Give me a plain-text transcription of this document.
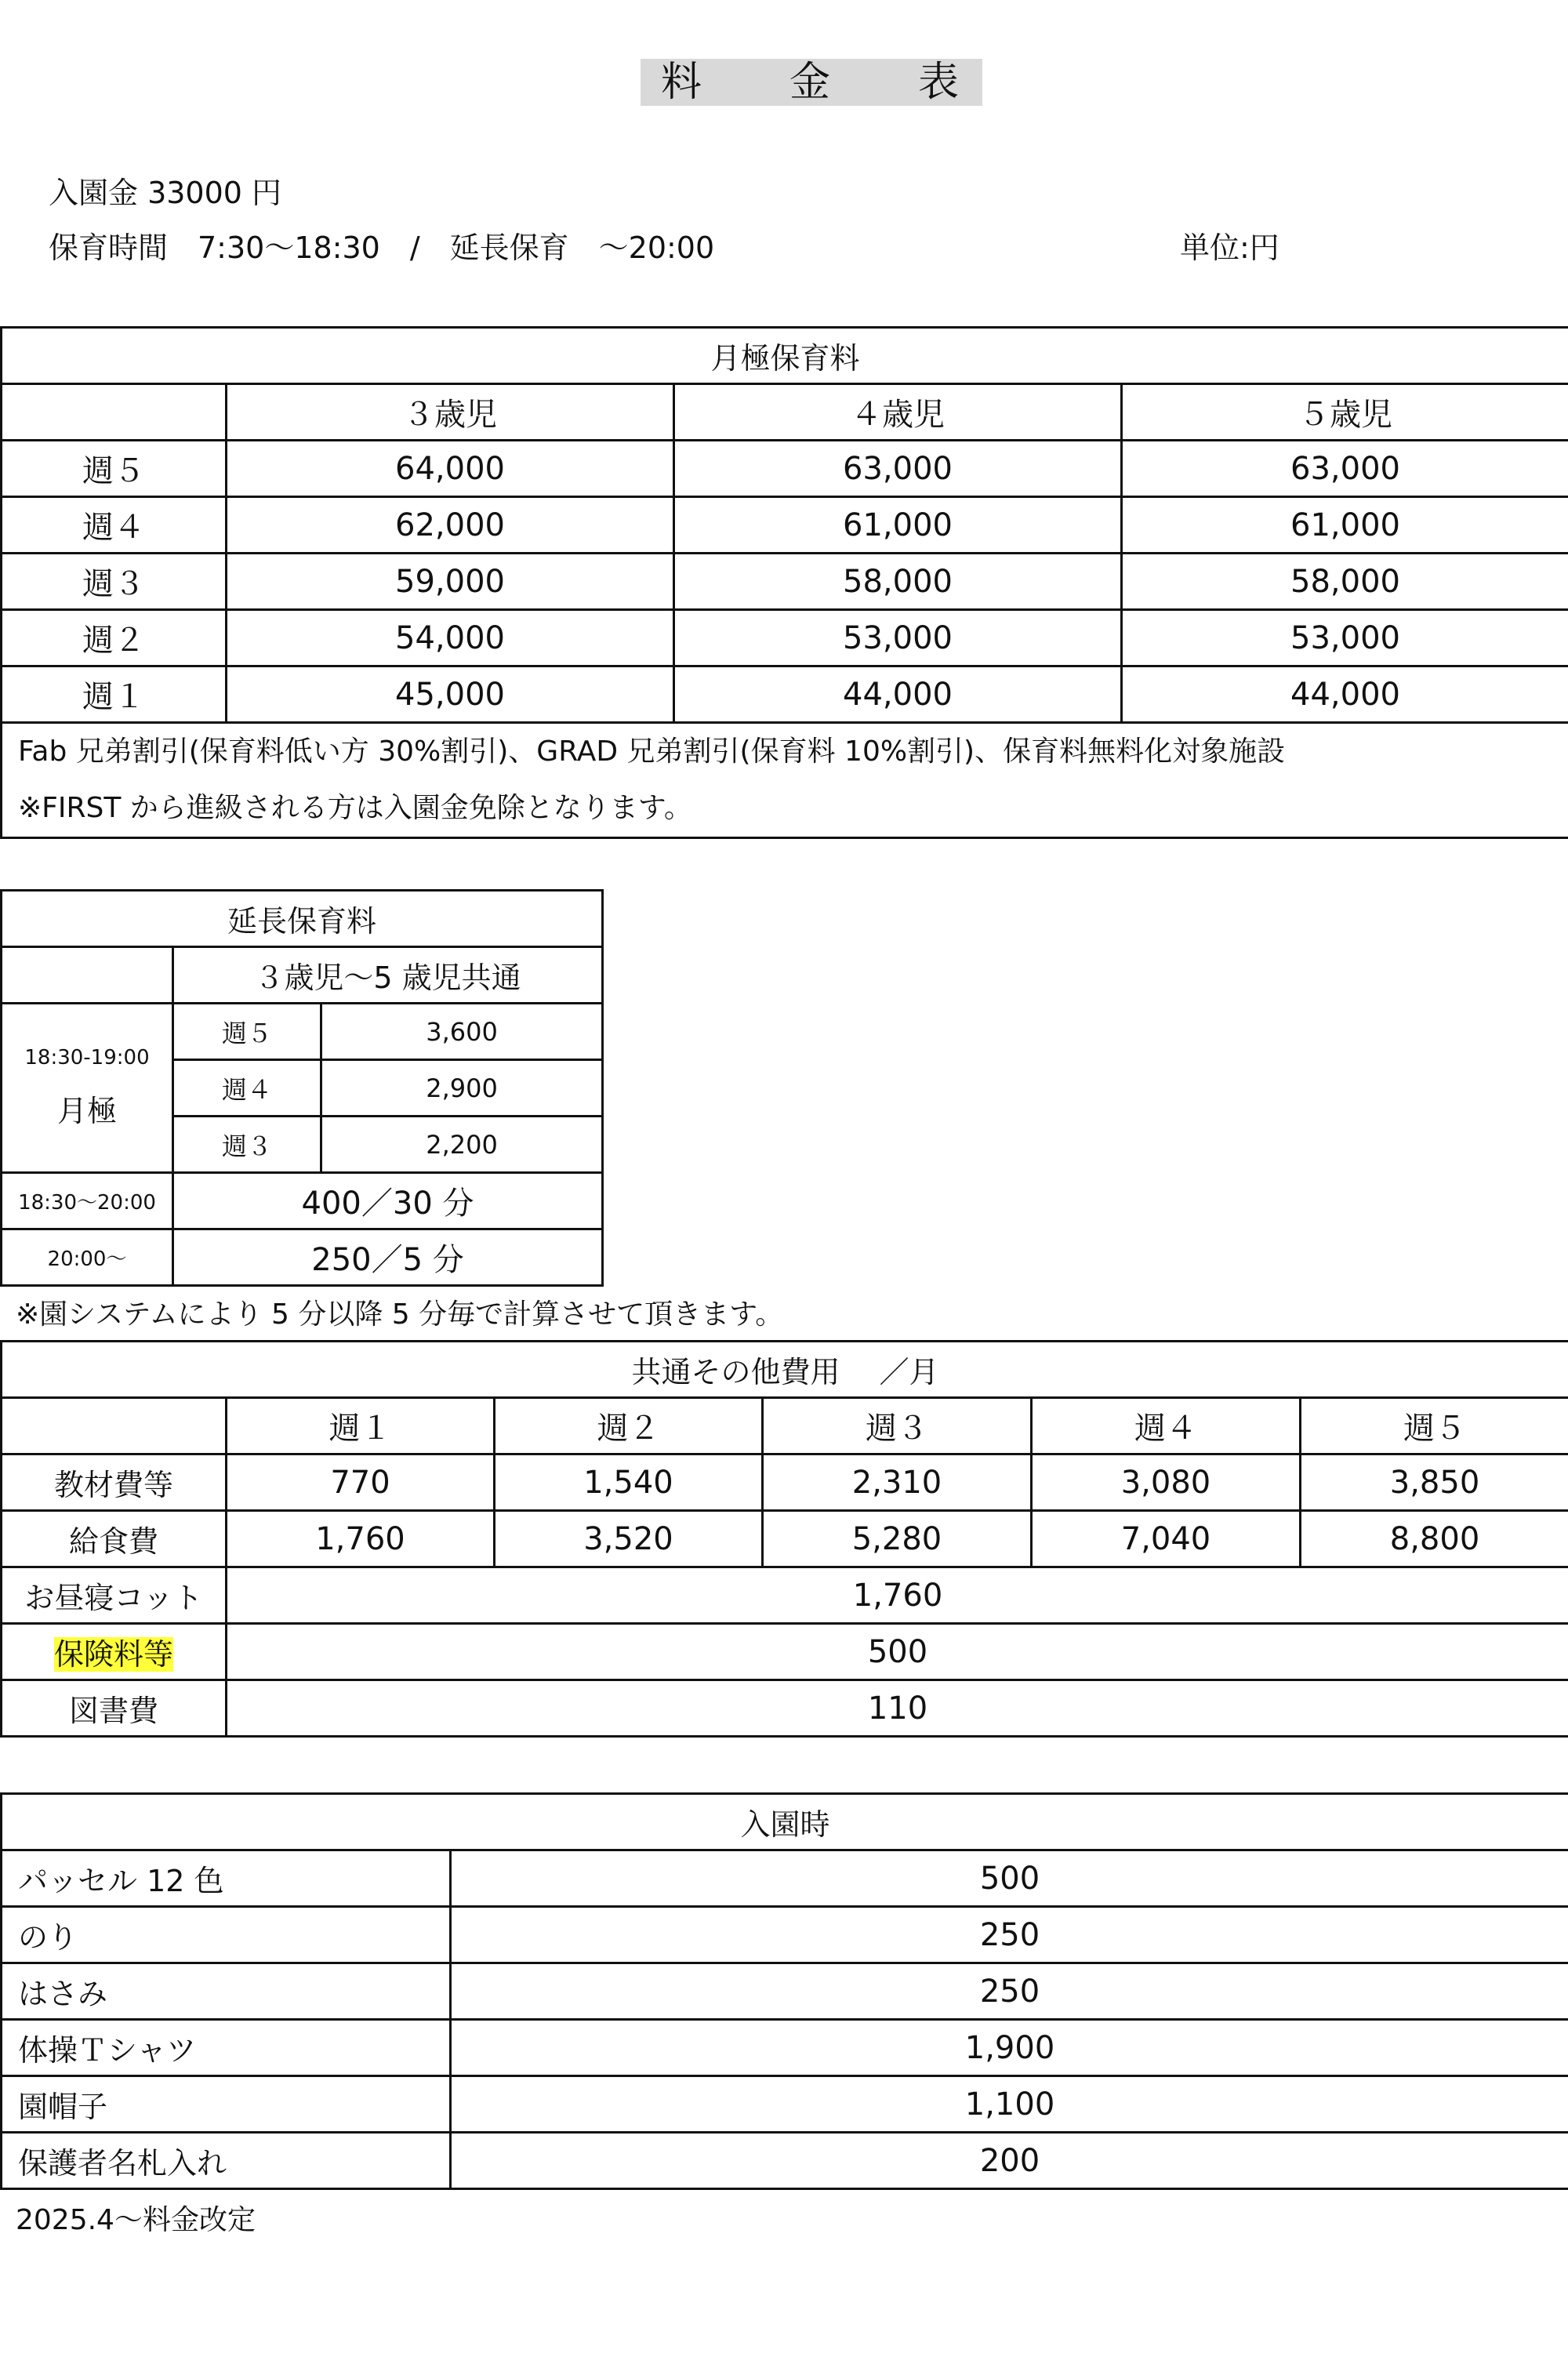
料　金　表
入園金 33000 円
保育時間　7:30〜18:30　/　延長保育　〜20:00	単位:円
月極保育料			
	３歳児	４歳児	５歳児
週５	64,000	63,000	63,000
週４	62,000	61,000	61,000
週３	59,000	58,000	58,000
週２	54,000	53,000	53,000
週１	45,000	44,000	44,000

Fab 兄弟割引(保育料低い方 30%割引)、GRAD 兄弟割引(保育料 10%割引)、保育料無料化対象施設
※FIRST から進級される方は入園金免除となります。			
延長保育料		
	３歳児〜5 歳児共通	

18:30-19:00
月極	週５	3,600
	週４	2,900
	週３	2,200
18:30〜20:00	400／30 分	
20:00〜	250／5 分	
※園システムにより 5 分以降 5 分毎で計算させて頂きます。
共通その他費用　 ／月					
	週１	週２	週３	週４	週５
教材費等	770	1,540	2,310	3,080	3,850
給食費	1,760	3,520	5,280	7,040	8,800
お昼寝コット	1,760				
保険料等	500				
図書費	110				
入園時	
パッセル 12 色	500
のり	250
はさみ	250
体操Ｔシャツ	1,900
園帽子	1,100
保護者名札入れ	200
2025.4〜料金改定
